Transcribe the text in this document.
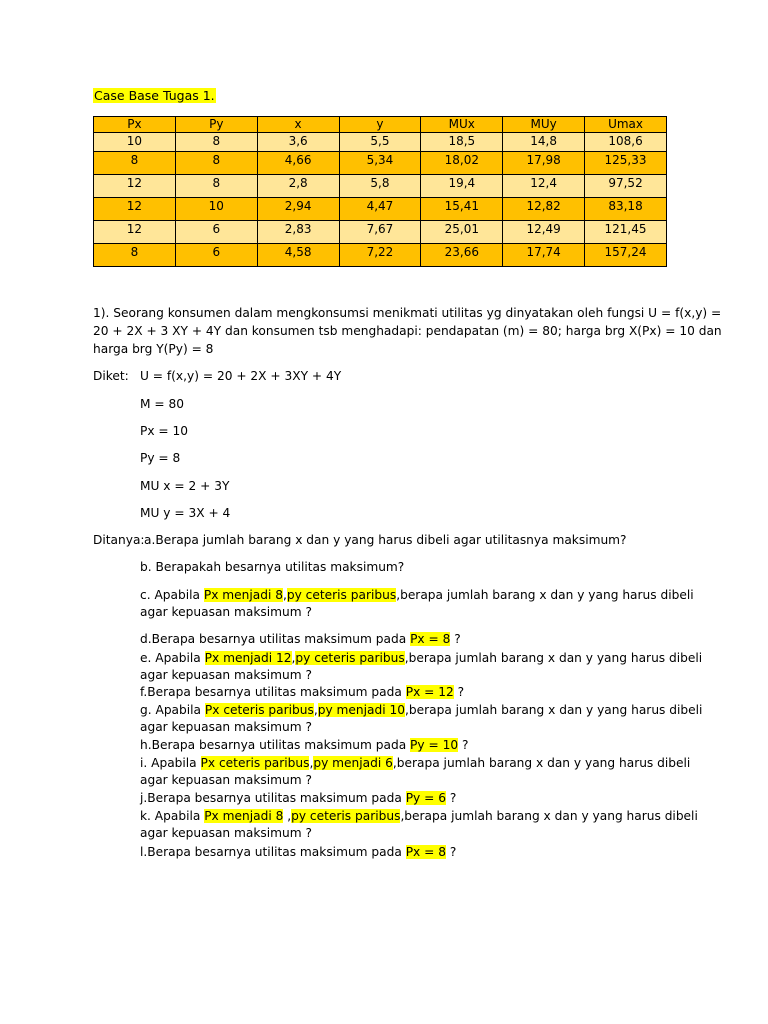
Case Base Tugas 1.
Px	Py	x	y	MUx	MUy	Umax
10	8	3,6	5,5	18,5	14,8	108,6
8	8	4,66	5,34	18,02	17,98	125,33
12	8	2,8	5,8	19,4	12,4	97,52
12	10	2,94	4,47	15,41	12,82	83,18
12	6	2,83	7,67	25,01	12,49	121,45
8	6	4,58	7,22	23,66	17,74	157,24
1). Seorang konsumen dalam mengkonsumsi menikmati utilitas yg dinyatakan oleh fungsi U = f(x,y) =
20 + 2X + 3 XY + 4Y dan konsumen tsb menghadapi: pendapatan (m) = 80; harga brg X(Px) = 10 dan
harga brg Y(Py) = 8
Diket: U = f(x,y) = 20 + 2X + 3XY + 4Y
M = 80
Px = 10
Py = 8
MU x = 2 + 3Y
MU y = 3X + 4
Ditanya: a.Berapa jumlah barang x dan y yang harus dibeli agar utilitasnya maksimum?
b. Berapakah besarnya utilitas maksimum?
c. Apabila Px menjadi 8,py ceteris paribus,berapa jumlah barang x dan y yang harus dibeli
agar kepuasan maksimum ?
d.Berapa besarnya utilitas maksimum pada Px = 8 ?
e. Apabila Px menjadi 12,py ceteris paribus,berapa jumlah barang x dan y yang harus dibeli
agar kepuasan maksimum ?
f.Berapa besarnya utilitas maksimum pada Px = 12 ?
g. Apabila Px ceteris paribus,py menjadi 10,berapa jumlah barang x dan y yang harus dibeli
agar kepuasan maksimum ?
h.Berapa besarnya utilitas maksimum pada Py = 10 ?
i. Apabila Px ceteris paribus,py menjadi 6,berapa jumlah barang x dan y yang harus dibeli
agar kepuasan maksimum ?
j.Berapa besarnya utilitas maksimum pada Py = 6 ?
k. Apabila Px menjadi 8 ,py ceteris paribus,berapa jumlah barang x dan y yang harus dibeli
agar kepuasan maksimum ?
l.Berapa besarnya utilitas maksimum pada Px = 8 ?
